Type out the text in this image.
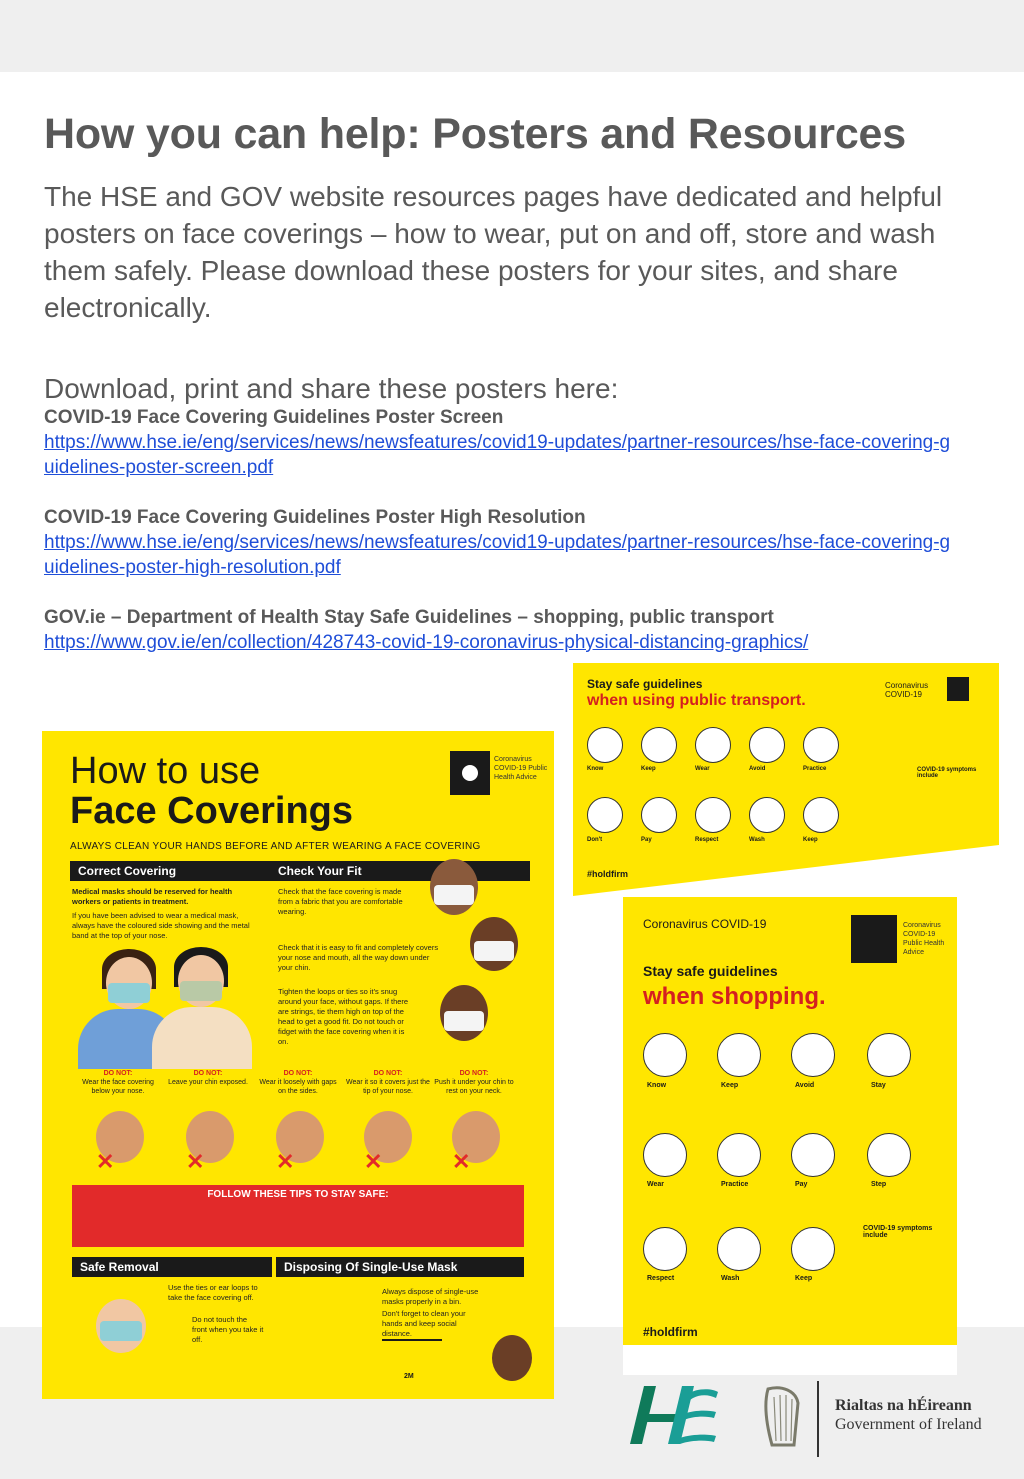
How you can help: Posters and Resources

The HSE and GOV website resources pages have dedicated and helpful posters on face coverings – how to wear, put on and off, store and wash them safely. Please download these posters for your sites, and share electronically.

Download, print and share these posters here:

COVID-19 Face Covering Guidelines Poster Screen

https://www.hse.ie/eng/services/news/newsfeatures/covid19-updates/partner-resources/hse-face-covering-guidelines-poster-screen.pdf

COVID-19 Face Covering Guidelines Poster High Resolution

https://www.hse.ie/eng/services/news/newsfeatures/covid19-updates/partner-resources/hse-face-covering-guidelines-poster-high-resolution.pdf

GOV.ie – Department of Health Stay Safe Guidelines – shopping, public transport

https://www.gov.ie/en/collection/428743-covid-19-coronavirus-physical-distancing-graphics/
How to use
Face Coverings
Coronavirus COVID-19 Public Health Advice
ALWAYS CLEAN YOUR HANDS BEFORE AND AFTER WEARING A FACE COVERING
Correct Covering	Check Your Fit
Medical masks should be reserved for health workers or patients in treatment.
If you have been advised to wear a medical mask, always have the coloured side showing and the metal band at the top of your nose.
Check that the face covering is made from a fabric that you are comfortable wearing.
Check that it is easy to fit and completely covers your nose and mouth, all the way down under your chin.
Tighten the loops or ties so it's snug around your face, without gaps. If there are strings, tie them high on top of the head to get a good fit. Do not touch or fidget with the face covering when it is on.
DO NOT:
Wear the face covering below your nose.
DO NOT:
Leave your chin exposed.
DO NOT:
Wear it loosely with gaps on the sides.
DO NOT:
Wear it so it covers just the tip of your nose.
DO NOT:
Push it under your chin to rest on your neck.
✕	✕	✕	✕	✕
FOLLOW THESE TIPS TO STAY SAFE:
Safe Removal	Disposing Of Single-Use Mask
Use the ties or ear loops to take the face covering off.
Do not touch the front when you take it off.
Always dispose of single-use masks properly in a bin.
Don't forget to clean your hands and keep social distance.
2M
Stay safe guidelines
when using public transport.
Coronavirus COVID-19
Know	Keep	Wear	Avoid	Practice
Don't	Pay	Respect	Wash	Keep
COVID-19 symptoms include
#holdfirm
Coronavirus COVID-19	Coronavirus COVID-19 Public Health Advice
Stay safe guidelines
when shopping.
Know	Keep	Avoid	Stay
Wear	Practice	Pay	Step
Respect	Wash	Keep
COVID-19 symptoms include
#holdfirm
Rialtas na hÉireann
Government of Ireland
